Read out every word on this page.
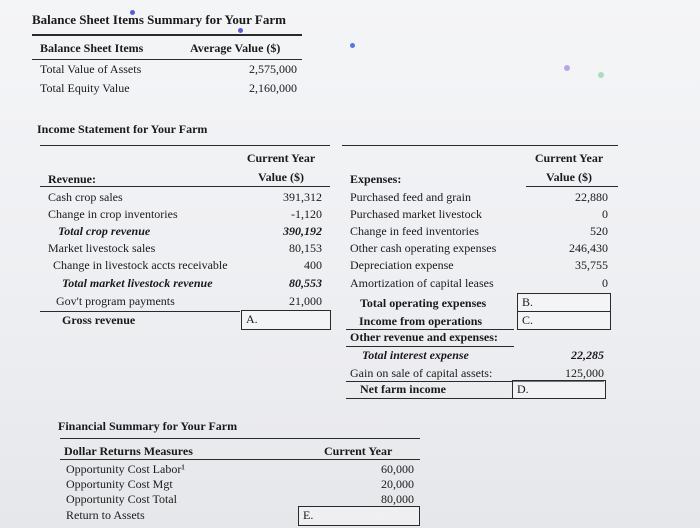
Balance Sheet Items Summary for Your Farm
Balance Sheet Items	Average Value ($)
Total Value of Assets	2,575,000
Total Equity Value	2,160,000
Income Statement for Your Farm
Current Year
Value ($)
Revenue:
Cash crop sales	391,312
Change in crop inventories	-1,120
Total crop revenue	390,192
Market livestock sales	80,153
Change in livestock accts receivable	400
Total market livestock revenue	80,553
Gov't program payments	21,000
Gross revenue	A.
Current Year
Value ($)
Expenses:
Purchased feed and grain	22,880
Purchased market livestock	0
Change in feed inventories	520
Other cash operating expenses	246,430
Depreciation expense	35,755
Amortization of capital leases	0
Total operating expenses	B.
Income from operations	C.
Other revenue and expenses:
Total interest expense	22,285
Gain on sale of capital assets:	125,000
Net farm income	D.
Financial Summary for Your Farm
Dollar Returns Measures	Current Year
Opportunity Cost Labor¹	60,000
Opportunity Cost Mgt	20,000
Opportunity Cost Total	80,000
Return to Assets	E.
